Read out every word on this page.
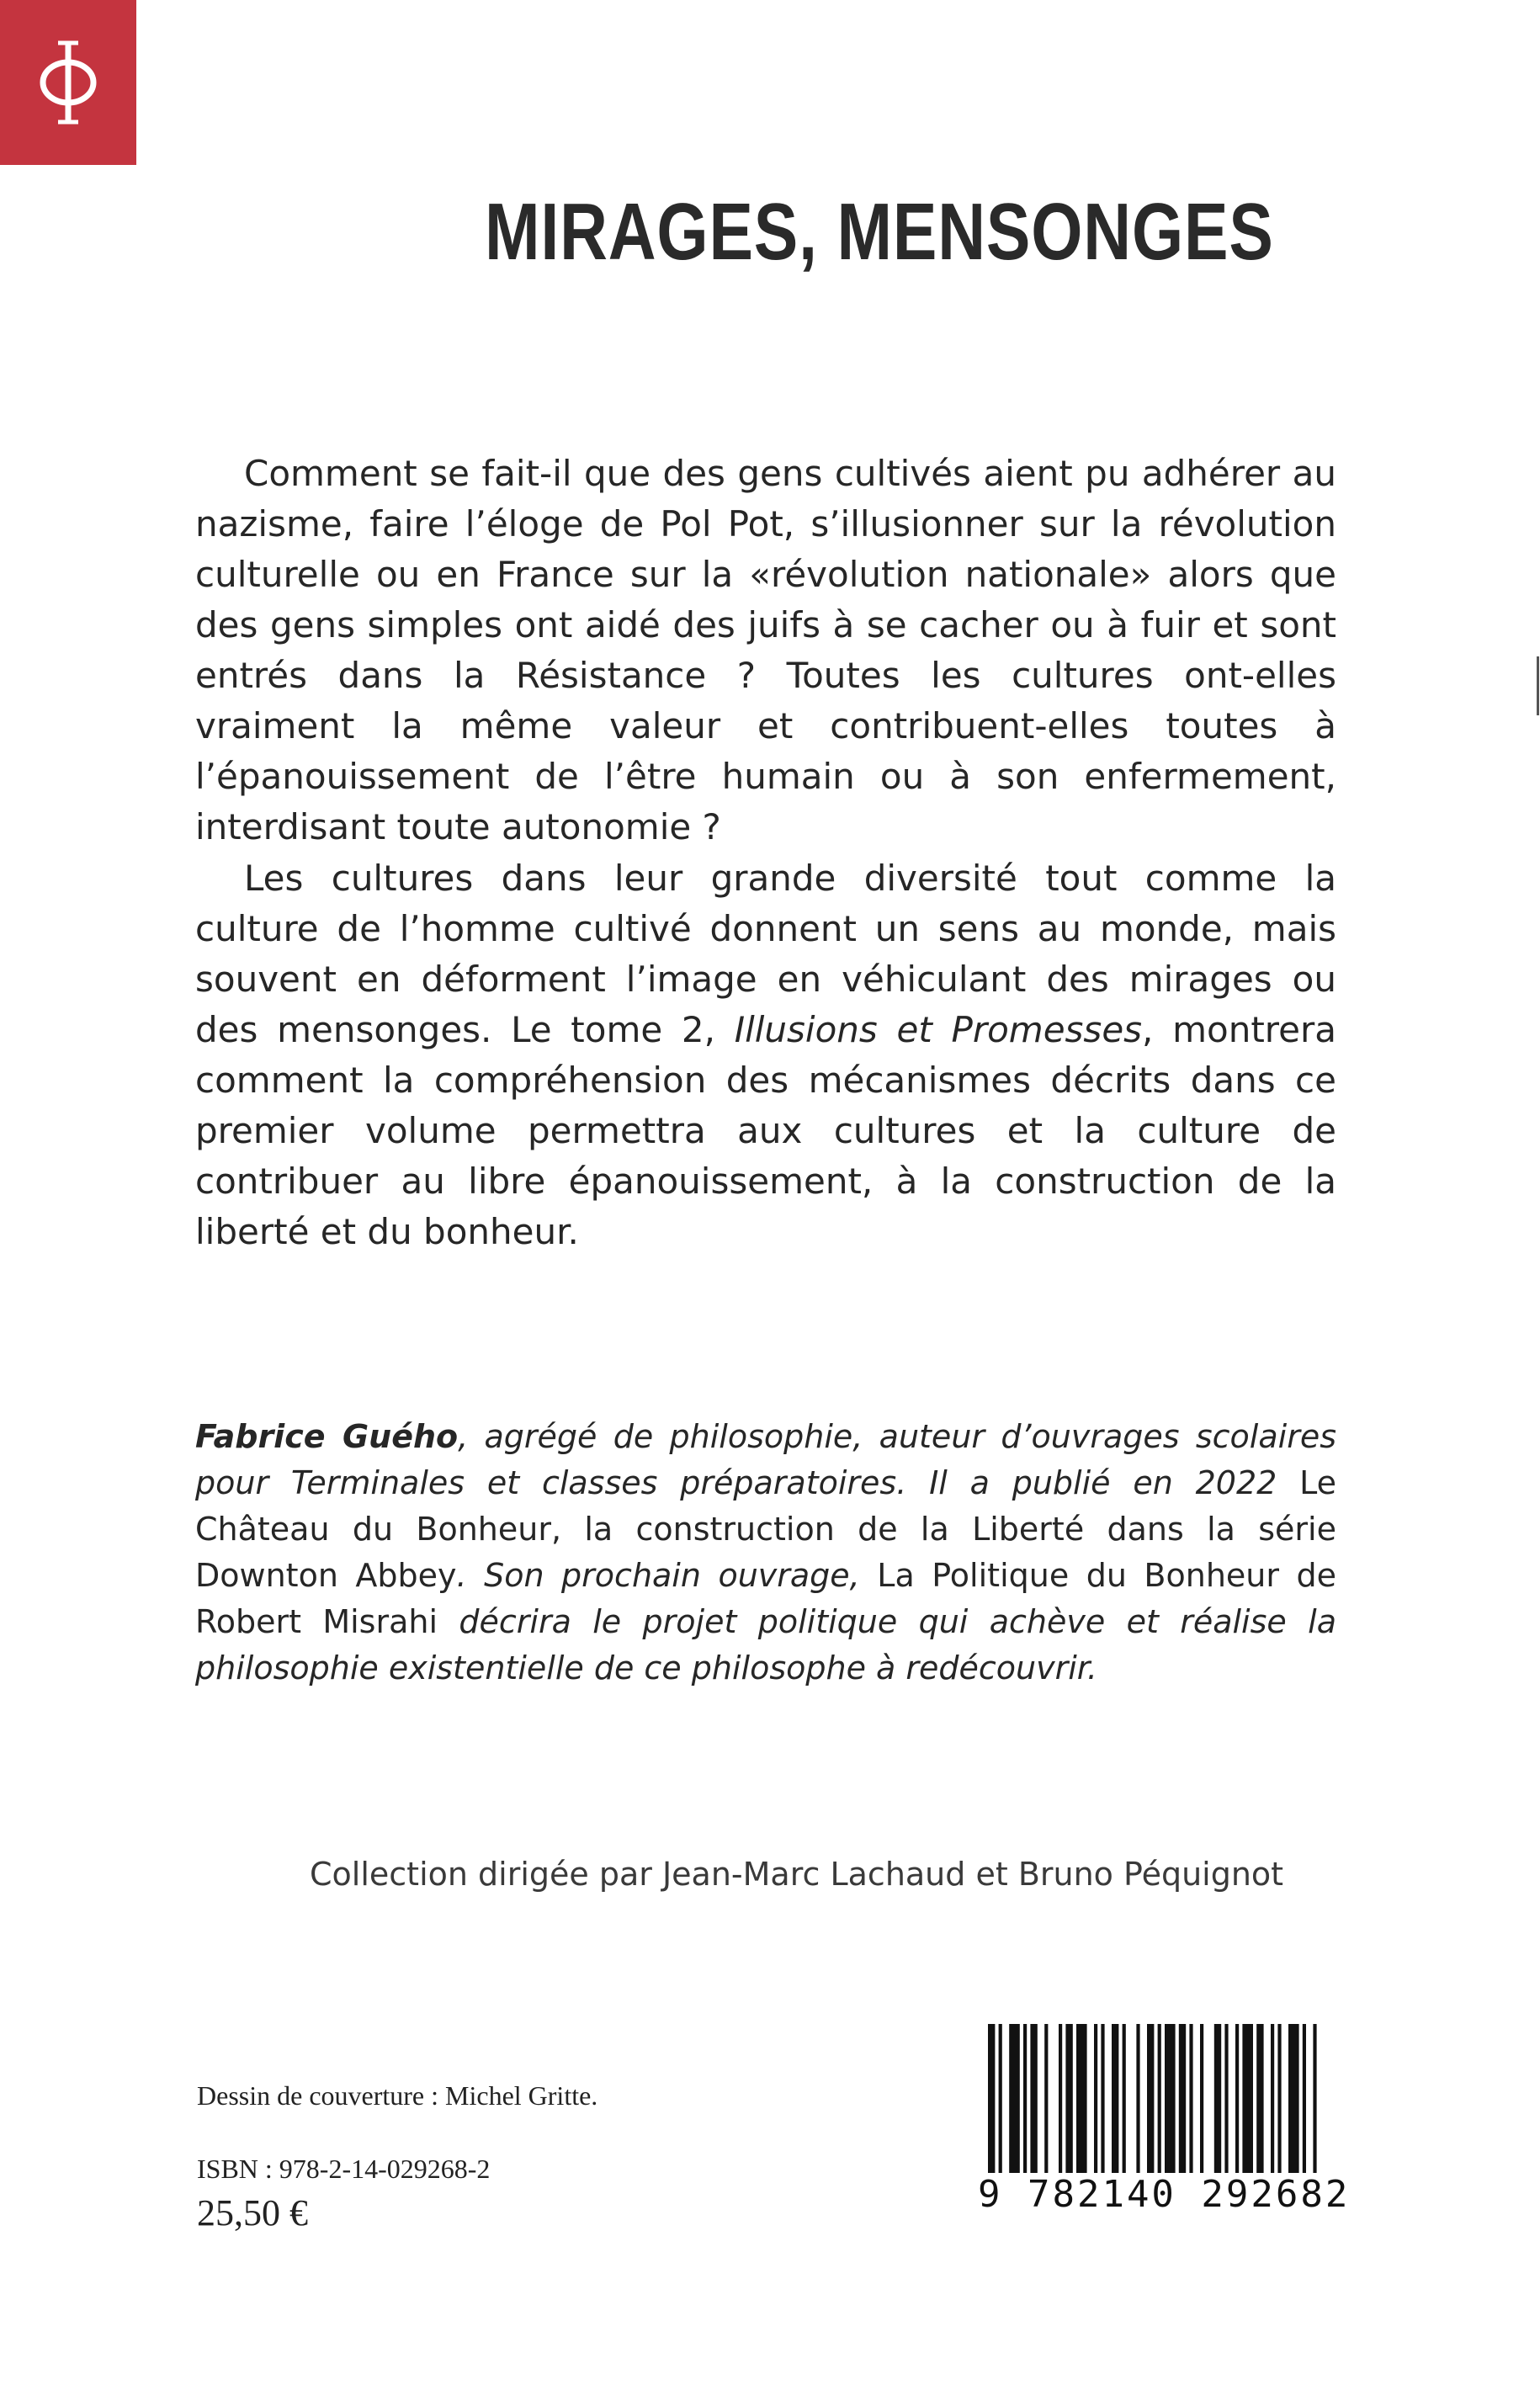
MIRAGES, MENSONGES

Comment se fait-il que des gens cultivés aient pu adhérer au nazisme, faire l’éloge de Pol Pot, s’illusionner sur la révolution culturelle ou en France sur la «révolution nationale» alors que des gens simples ont aidé des juifs à se cacher ou à fuir et sont entrés dans la Résistance ? Toutes les cultures ont-elles vraiment la même valeur et contribuent-elles toutes à l’épanouissement de l’être humain ou à son enfermement, interdisant toute autonomie ?

Les cultures dans leur grande diversité tout comme la culture de l’homme cultivé donnent un sens au monde, mais souvent en déforment l’image en véhiculant des mirages ou des mensonges. Le tome 2, Illusions et Promesses, montrera comment la compréhension des mécanismes décrits dans ce premier volume permettra aux cultures et la culture de contribuer au libre épanouissement, à la construction de la liberté et du bonheur.

Fabrice Guého, agrégé de philosophie, auteur d’ouvrages scolaires pour Terminales et classes préparatoires. Il a publié en 2022 Le Château du Bonheur, la construction de la Liberté dans la série Downton Abbey. Son prochain ouvrage, La Politique du Bonheur de Robert Misrahi décrira le projet politique qui achève et réalise la philosophie existentielle de ce philosophe à redécouvrir.

Collection dirigée par Jean-Marc Lachaud et Bruno Péquignot
Dessin de couverture : Michel Gritte.
ISBN : 978-2-14-029268-2
25,50 €	9 782140 292682
